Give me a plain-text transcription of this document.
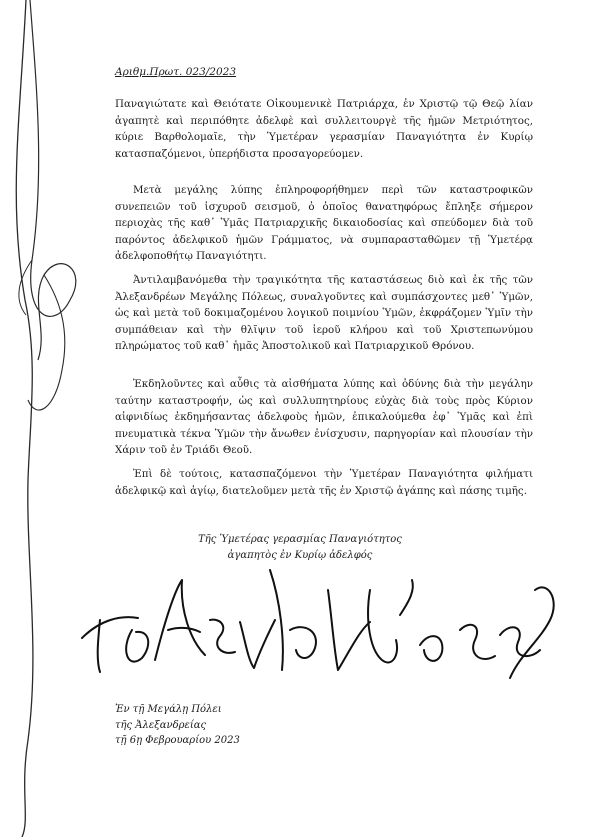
Αριθμ.Πρωτ. 023/2023
Παναγιώτατε καὶ Θειότατε Οἰκουμενικὲ Πατριάρχα, ἐν Χριστῷ τῷ Θεῷ λίαν ἀγαπητὲ καὶ περιπόθητε ἀδελφὲ καὶ συλλειτουργὲ τῆς ἡμῶν Μετριότητος, κύριε Βαρθολομαῖε, τὴν Ὑμετέραν γερασμίαν Παναγιότητα ἐν Κυρίῳ κατασπαζόμενοι, ὑπερήδιστα προσαγορεύομεν.
Μετὰ μεγάλης λύπης ἐπληροφορήθημεν περὶ τῶν καταστροφικῶν συνεπειῶν τοῦ ἰσχυροῦ σεισμοῦ, ὁ ὁποῖος θανατηφόρως ἔπληξε σήμερον περιοχὰς τῆς καθ᾽ Ὑμᾶς Πατριαρχικῆς δικαιοδοσίας καὶ σπεύδομεν διὰ τοῦ παρόντος ἀδελφικοῦ ἡμῶν Γράμματος, νὰ συμπαρασταθῶμεν τῇ Ὑμετέρᾳ ἀδελφοποθήτῳ Παναγιότητι.
Ἀντιλαμβανόμεθα τὴν τραγικότητα τῆς καταστάσεως διὸ καὶ ἐκ τῆς τῶν Ἀλεξανδρέων Μεγάλης Πόλεως, συναλγοῦντες καὶ συμπάσχοντες μεθ᾽ Ὑμῶν, ὡς καὶ μετὰ τοῦ δοκιμαζομένου λογικοῦ ποιμνίου Ὑμῶν, ἐκφράζομεν Ὑμῖν τὴν συμπάθειαν καὶ τὴν θλῖψιν τοῦ ἱεροῦ κλήρου καὶ τοῦ Χριστεπωνύμου πληρώματος τοῦ καθ᾽ ἡμᾶς Ἀποστολικοῦ καὶ Πατριαρχικοῦ Θρόνου.
Ἐκδηλοῦντες καὶ αὖθις τὰ αἰσθήματα λύπης καὶ ὀδύνης διὰ τὴν μεγάλην ταύτην καταστροφήν, ὡς καὶ συλλυπητηρίους εὐχὰς διὰ τοὺς πρὸς Κύριον αἰφνιδίως ἐκδημήσαντας ἀδελφοὺς ἡμῶν, ἐπικαλούμεθα ἐφ᾽ Ὑμᾶς καὶ ἐπὶ πνευματικὰ τέκνα Ὑμῶν τὴν ἄνωθεν ἐνίσχυσιν, παρηγορίαν καὶ πλουσίαν τὴν Χάριν τοῦ ἐν Τριάδι Θεοῦ.
Ἐπὶ δὲ τούτοις, κατασπαζόμενοι τὴν Ὑμετέραν Παναγιότητα φιλήματι ἀδελφικῷ καὶ ἁγίῳ, διατελοῦμεν μετὰ τῆς ἐν Χριστῷ ἀγάπης καὶ πάσης τιμῆς.
Τῆς Ὑμετέρας γερασμίας Παναγιότητος
ἀγαπητὸς ἐν Κυρίῳ ἀδελφός
Ἐν τῇ Μεγάλῃ Πόλει
τῆς Ἀλεξανδρείας
τῇ 6ῃ Φεβρουαρίου 2023
